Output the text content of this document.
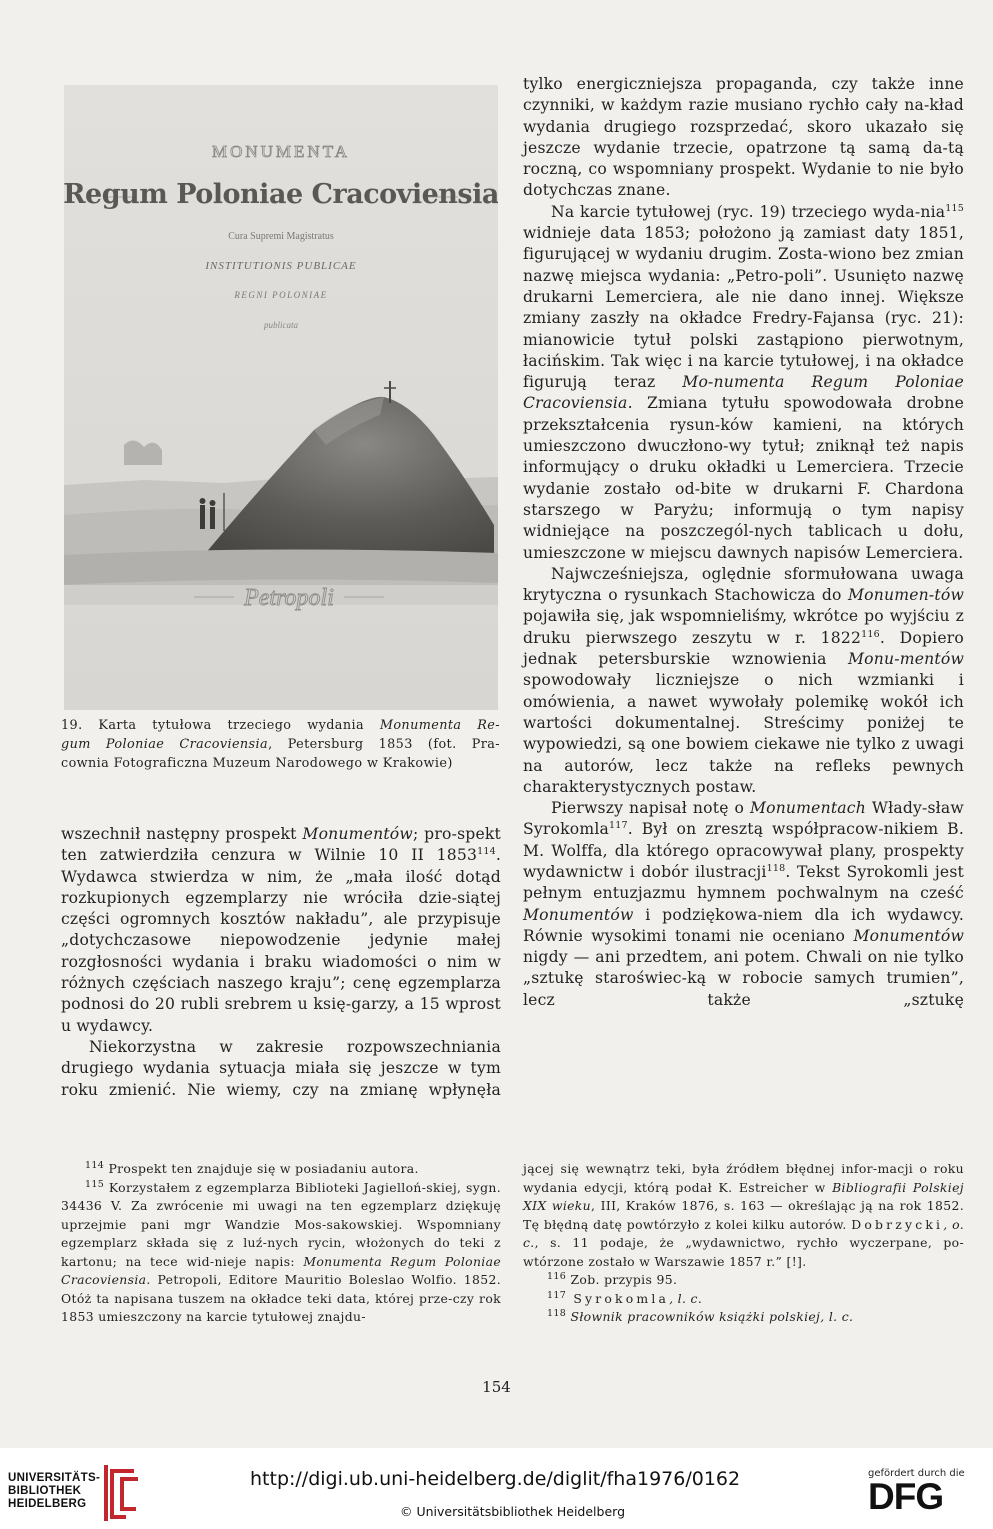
MONUMENTA
Regum Poloniae Cracoviensia
Cura Supremi Magistratus
INSTITUTIONIS PUBLICAE
REGNI POLONIAE
publicata
Petropoli
19. Karta tytułowa trzeciego wydania Monumenta Re-
gum Poloniae Cracoviensia, Petersburg 1853 (fot. Pra-
cownia Fotograficzna Muzeum Narodowego w Krakowie)

wszechnił następny prospekt Monumentów; pro-spekt ten zatwierdziła cenzura w Wilnie 10 II 1853$^{114}$. Wydawca stwierdza w nim, że „mała ilość dotąd rozkupionych egzemplarzy nie wróciła dzie-siątej części ogromnych kosztów nakładu”, ale przypisuje „dotychczasowe niepowodzenie jedynie małej rozgłosności wydania i braku wiadomości o nim w różnych częściach naszego kraju”; cenę egzemplarza podnosi do 20 rubli srebrem u księ-garzy, a 15 wprost u wydawcy.

Niekorzystna w zakresie rozpowszechniania drugiego wydania sytuacja miała się jeszcze w tym roku zmienić. Nie wiemy, czy na zmianę wpłynęła

tylko energiczniejsza propaganda, czy także inne czynniki, w każdym razie musiano rychło cały na-kład wydania drugiego rozsprzedać, skoro ukazało się jeszcze wydanie trzecie, opatrzone tą samą da-tą roczną, co wspomniany prospekt. Wydanie to nie było dotychczas znane.

Na karcie tytułowej (ryc. 19) trzeciego wyda-nia$^{115}$ widnieje data 1853; położono ją zamiast daty 1851, figurującej w wydaniu drugim. Zosta-wiono bez zmian nazwę miejsca wydania: „Petro-poli”. Usunięto nazwę drukarni Lemerciera, ale nie dano innej. Większe zmiany zaszły na okładce Fredry-Fajansa (ryc. 21): mianowicie tytuł polski zastąpiono pierwotnym, łacińskim. Tak więc i na karcie tytułowej, i na okładce figurują teraz Mo-numenta Regum Poloniae Cracoviensia. Zmiana tytułu spowodowała drobne przekształcenia rysun-ków kamieni, na których umieszczono dwuczłono-wy tytuł; zniknął też napis informujący o druku okładki u Lemerciera. Trzecie wydanie zostało od-bite w drukarni F. Chardona starszego w Paryżu; informują o tym napisy widniejące na poszczegól-nych tablicach u dołu, umieszczone w miejscu dawnych napisów Lemerciera.

Najwcześniejsza, oględnie sformułowana uwaga krytyczna o rysunkach Stachowicza do Monumen-tów pojawiła się, jak wspomnieliśmy, wkrótce po wyjściu z druku pierwszego zeszytu w r. 1822$^{116}$. Dopiero jednak petersburskie wznowienia Monu-mentów spowodowały liczniejsze o nich wzmianki i omówienia, a nawet wywołały polemikę wokół ich wartości dokumentalnej. Streścimy poniżej te wypowiedzi, są one bowiem ciekawe nie tylko z uwagi na autorów, lecz także na refleks pewnych charakterystycznych postaw.

Pierwszy napisał notę o Monumentach Włady-sław Syrokomla$^{117}$. Był on zresztą współpracow-nikiem B. M. Wolffa, dla którego opracowywał plany, prospekty wydawnictw i dobór ilustracji$^{118}$. Tekst Syrokomli jest pełnym entuzjazmu hymnem pochwalnym na cześć Monumentów i podziękowa-niem dla ich wydawcy. Równie wysokimi tonami nie oceniano Monumentów nigdy — ani przedtem, ani potem. Chwali on nie tylko „sztukę staroświec-ką w robocie samych trumien”, lecz także „sztukę

$^{114}$ Prospekt ten znajduje się w posiadaniu autora.

$^{115}$ Korzystałem z egzemplarza Biblioteki Jagielloń-skiej, sygn. 34436 V. Za zwrócenie mi uwagi na ten egzemplarz dziękuję uprzejmie pani mgr Wandzie Mos-sakowskiej. Wspomniany egzemplarz składa się z luź-nych rycin, włożonych do teki z kartonu; na tece wid-nieje napis: Monumenta Regum Poloniae Cracoviensia. Petropoli, Editore Mauritio Boleslao Wolfio. 1852. Otóż ta napisana tuszem na okładce teki data, której prze-czy rok 1853 umieszczony na karcie tytułowej znajdu-

jącej się wewnątrz teki, była źródłem błędnej infor-macji o roku wydania edycji, którą podał K. Estreicher w Bibliografii Polskiej XIX wieku, III, Kraków 1876, s. 163 — określając ją na rok 1852. Tę błędną datę powtórzyło z kolei kilku autorów. Dobrzycki, o. c., s. 11 podaje, że „wydawnictwo, rychło wyczerpane, po-wtórzone zostało w Warszawie 1857 r.” [!].

$^{116}$ Zob. przypis 95.

$^{117}$ Syrokomla, l. c.

$^{118}$ Słownik pracowników książki polskiej, l. c.

154
UNIVERSITÄTS-
BIBLIOTHEK
HEIDELBERG
http://digi.ub.uni-heidelberg.de/diglit/fha1976/0162
© Universitätsbibliothek Heidelberg
gefördert durch die
DFG
